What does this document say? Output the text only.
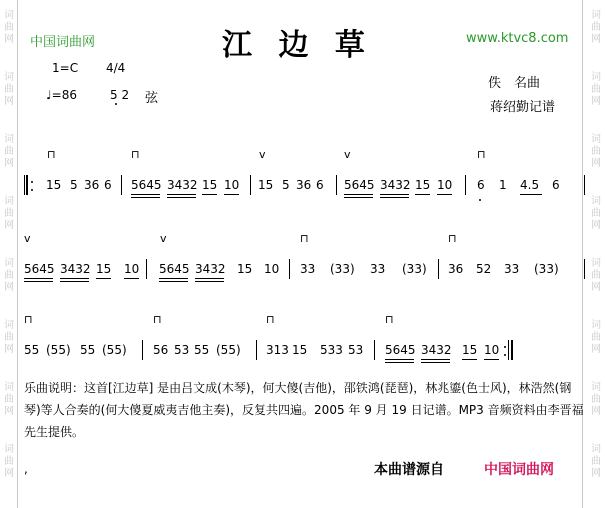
词曲网
词曲网
词曲网
词曲网
词曲网
词曲网
词曲网
词曲网
词曲网
词曲网
词曲网
词曲网
词曲网
词曲网
词曲网
词曲网
中国词曲网	www.ktvc8.com
江 边 草
1=C 4/4
♩=86	5 2 弦
佚　名曲
蒋绍勤记谱
⊓	⊓	v	v	⊓
15 5 36 6 5645 3432 15 10 15 5 36 6 5645 3432 15 10 6 1 4.5 6
v	v	⊓	⊓
5645 3432 15 10 5645 3432 15 10 33 (33) 33 (33) 36 52 33 (33)
⊓	⊓	⊓	⊓
55 (55) 55 (55) 56 53 55 (55) 313 15 533 53 5645 3432 15 10
乐曲说明：这首[江边草] 是由吕文成(木琴)，何大傻(吉他)，邵铁鸿(琵琶)，林兆鎏(色士风)，林浩然(钢琴)等人合奏的(何大傻夏威夷吉他主奏)，反复共四遍。2005 年 9 月 19 日记谱。MP3 音频资料由李晋福先生提供。
,	本曲谱源自	中国词曲网
